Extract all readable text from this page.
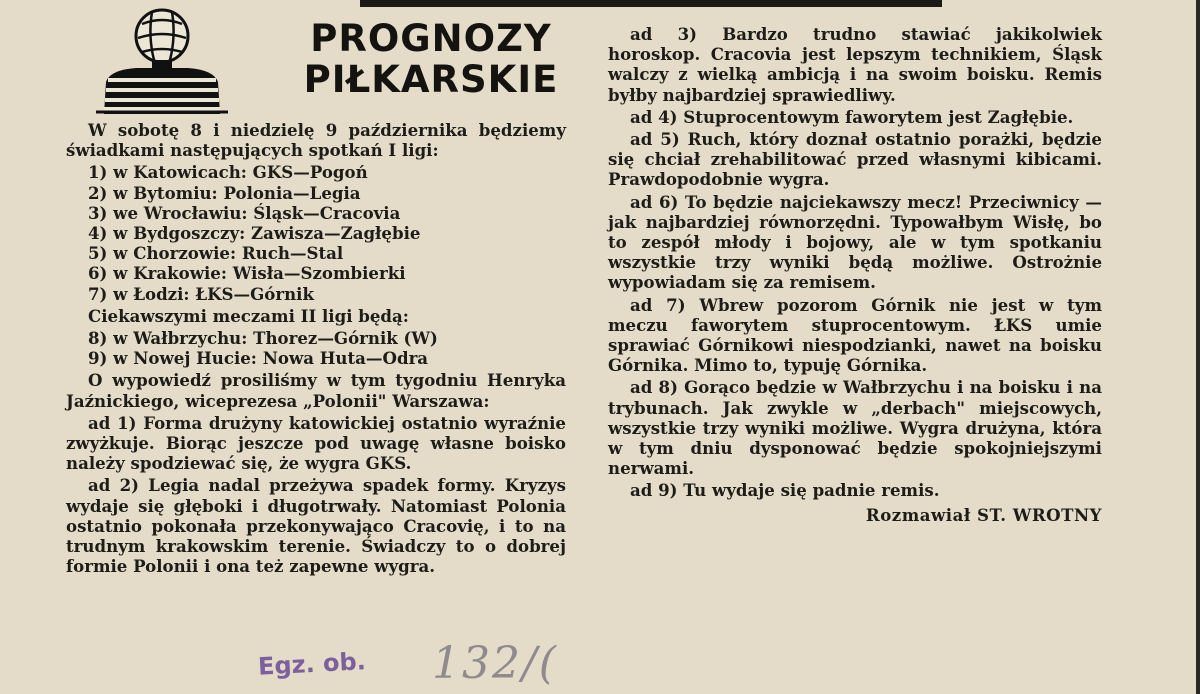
PROGNOZY
PIŁKARSKIE

W sobotę 8 i niedzielę 9 października będziemy świadkami następujących spotkań I ligi:

1) w Katowicach: GKS—Pogoń
2) w Bytomiu: Polonia—Legia
3) we Wrocławiu: Śląsk—Cracovia
4) w Bydgoszczy: Zawisza—Zagłębie
5) w Chorzowie: Ruch—Stal
6) w Krakowie: Wisła—Szombierki
7) w Łodzi: ŁKS—Górnik

Ciekawszymi meczami II ligi będą:

8) w Wałbrzychu: Thorez—Górnik (W)
9) w Nowej Hucie: Nowa Huta—Odra

O wypowiedź prosiliśmy w tym tygodniu Henryka Jaźnickiego, wiceprezesa „Polonii" Warszawa:

ad 1) Forma drużyny katowickiej ostatnio wyraźnie zwyżkuje. Biorąc jeszcze pod uwagę własne boisko należy spodziewać się, że wygra GKS.

ad 2) Legia nadal przeżywa spadek formy. Kryzys wydaje się głęboki i długotrwały. Natomiast Polonia ostatnio pokonała przekonywająco Cracovię, i to na trudnym krakowskim terenie. Świadczy to o dobrej formie Polonii i ona też zapewne wygra.

ad 3) Bardzo trudno stawiać jakikolwiek horoskop. Cracovia jest lepszym technikiem, Śląsk walczy z wielką ambicją i na swoim boisku. Remis byłby najbardziej sprawiedliwy.

ad 4) Stuprocentowym faworytem jest Zagłębie.

ad 5) Ruch, który doznał ostatnio porażki, będzie się chciał zrehabilitować przed własnymi kibicami. Prawdopodobnie wygra.

ad 6) To będzie najciekawszy mecz! Przeciwnicy — jak najbardziej równorzędni. Typowałbym Wisłę, bo to zespół młody i bojowy, ale w tym spotkaniu wszystkie trzy wyniki będą możliwe. Ostrożnie wypowiadam się za remisem.

ad 7) Wbrew pozorom Górnik nie jest w tym meczu faworytem stuprocentowym. ŁKS umie sprawiać Górnikowi niespodzianki, nawet na boisku Górnika. Mimo to, typuję Górnika.

ad 8) Gorąco będzie w Wałbrzychu i na boisku i na trybunach. Jak zwykle w „derbach" miejscowych, wszystkie trzy wyniki możliwe. Wygra drużyna, która w tym dniu dysponować będzie spokojniejszymi nerwami.

ad 9) Tu wydaje się padnie remis.

Rozmawiał ST. WROTNY
Egz. ob. 132/(
